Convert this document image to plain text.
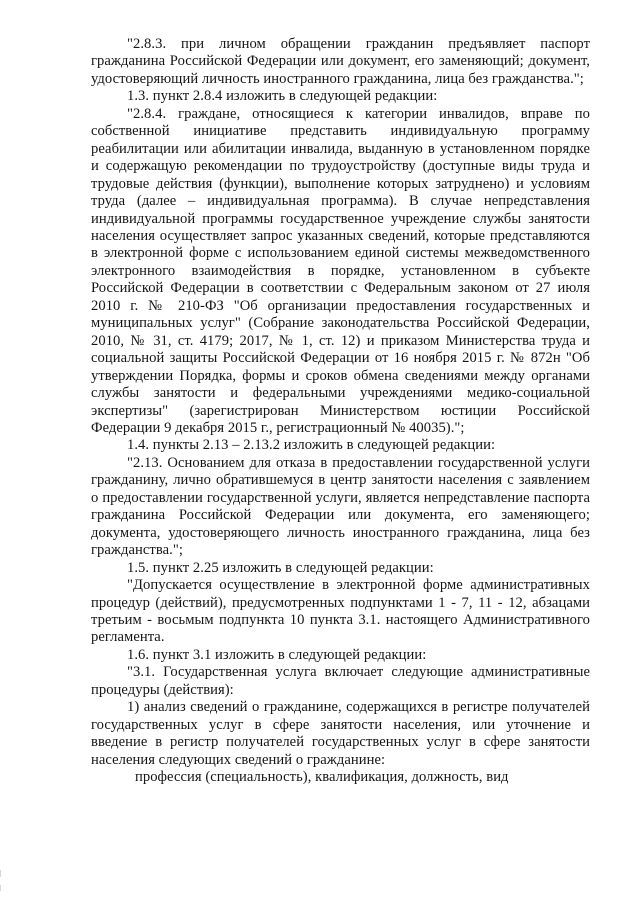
"2.8.3. при личном обращении гражданин предъявляет паспорт гражданина Российской Федерации или документ, его заменяющий; документ, удостоверяющий личность иностранного гражданина, лица без гражданства.";

1.3. пункт 2.8.4 изложить в следующей редакции:

"2.8.4. граждане, относящиеся к категории инвалидов, вправе по собственной инициативе представить индивидуальную программу реабилитации или абилитации инвалида, выданную в установленном порядке и содержащую рекомендации по трудоустройству (доступные виды труда и трудовые действия (функции), выполнение которых затруднено) и условиям труда (далее – индивидуальная программа). В случае непредставления индивидуальной программы государственное учреждение службы занятости населения осуществляет запрос указанных сведений, которые представляются в электронной форме с использованием единой системы межведомственного электронного взаимодействия в порядке, установленном в субъекте Российской Федерации в соответствии с Федеральным законом от 27 июля 2010 г. № 210-ФЗ "Об организации предоставления государственных и муниципальных услуг" (Собрание законодательства Российской Федерации, 2010, № 31, ст. 4179; 2017, № 1, ст. 12) и приказом Министерства труда и социальной защиты Российской Федерации от 16 ноября 2015 г. № 872н "Об утверждении Порядка, формы и сроков обмена сведениями между органами службы занятости и федеральными учреждениями медико-социальной экспертизы" (зарегистрирован Министерством юстиции Российской Федерации 9 декабря 2015 г., регистрационный № 40035).";

1.4. пункты 2.13 – 2.13.2 изложить в следующей редакции:

"2.13. Основанием для отказа в предоставлении государственной услуги гражданину, лично обратившемуся в центр занятости населения с заявлением о предоставлении государственной услуги, является непредставление паспорта гражданина Российской Федерации или документа, его заменяющего; документа, удостоверяющего личность иностранного гражданина, лица без гражданства.";

1.5. пункт 2.25 изложить в следующей редакции:

"Допускается осуществление в электронной форме административных процедур (действий), предусмотренных подпунктами 1 - 7, 11 - 12, абзацами третьим - восьмым подпункта 10 пункта 3.1. настоящего Административного регламента.

1.6. пункт 3.1 изложить в следующей редакции:

"3.1. Государственная услуга включает следующие административные процедуры (действия):

1) анализ сведений о гражданине, содержащихся в регистре получателей государственных услуг в сфере занятости населения, или уточнение и введение в регистр получателей государственных услуг в сфере занятости населения следующих сведений о гражданине:

профессия (специальность), квалификация, должность, вид
